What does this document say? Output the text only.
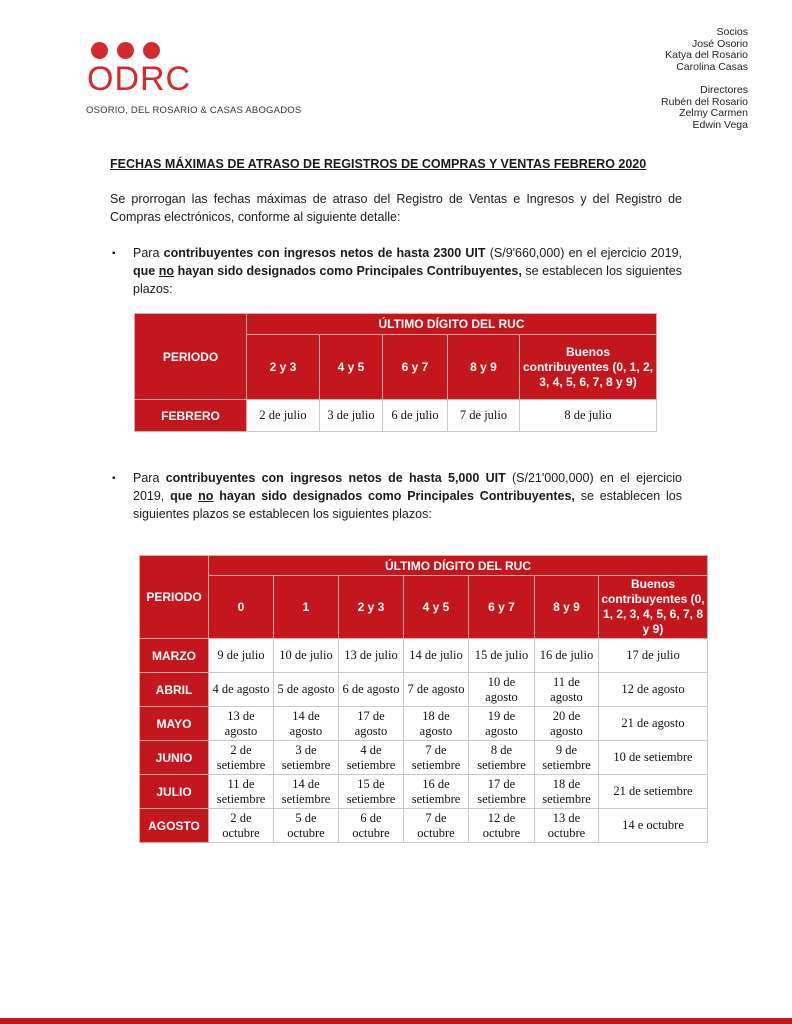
ODRC
OSORIO, DEL ROSARIO & CASAS ABOGADOS
Socios
José Osorio
Katya del Rosario
Carolina Casas
Directores
Rubén del Rosario
Zelmy Carmen
Edwin Vega
FECHAS MÁXIMAS DE ATRASO DE REGISTROS DE COMPRAS Y VENTAS FEBRERO 2020
Se prorrogan las fechas máximas de atraso del Registro de Ventas e Ingresos y del Registro de Compras electrónicos, conforme al siguiente detalle:
▪ Para contribuyentes con ingresos netos de hasta 2300 UIT (S/9'660,000) en el ejercicio 2019, que no hayan sido designados como Principales Contribuyentes, se establecen los siguientes plazos:
PERIODO	ÚLTIMO DÍGITO DEL RUC				
	2 y 3	4 y 5	6 y 7	8 y 9	Buenos contribuyentes (0, 1, 2, 3, 4, 5, 6, 7, 8 y 9)
FEBRERO	2 de julio	3 de julio	6 de julio	7 de julio	8 de julio
▪ Para contribuyentes con ingresos netos de hasta 5,000 UIT (S/21'000,000) en el ejercicio 2019, que no hayan sido designados como Principales Contribuyentes, se establecen los siguientes plazos se establecen los siguientes plazos:
PERIODO	ÚLTIMO DÍGITO DEL RUC						
	0	1	2 y 3	4 y 5	6 y 7	8 y 9	Buenos contribuyentes (0, 1, 2, 3, 4, 5, 6, 7, 8 y 9)
MARZO	9 de julio	10 de julio	13 de julio	14 de julio	15 de julio	16 de julio	17 de julio
ABRIL	4 de agosto	5 de agosto	6 de agosto	7 de agosto	10 de agosto	11 de agosto	12 de agosto
MAYO	13 de agosto	14 de agosto	17 de agosto	18 de agosto	19 de agosto	20 de agosto	21 de agosto
JUNIO	2 de setiembre	3 de setiembre	4 de setiembre	7 de setiembre	8 de setiembre	9 de setiembre	10 de setiembre
JULIO	11 de setiembre	14 de setiembre	15 de setiembre	16 de setiembre	17 de setiembre	18 de setiembre	21 de setiembre
AGOSTO	2 de octubre	5 de octubre	6 de octubre	7 de octubre	12 de octubre	13 de octubre	14 e octubre
